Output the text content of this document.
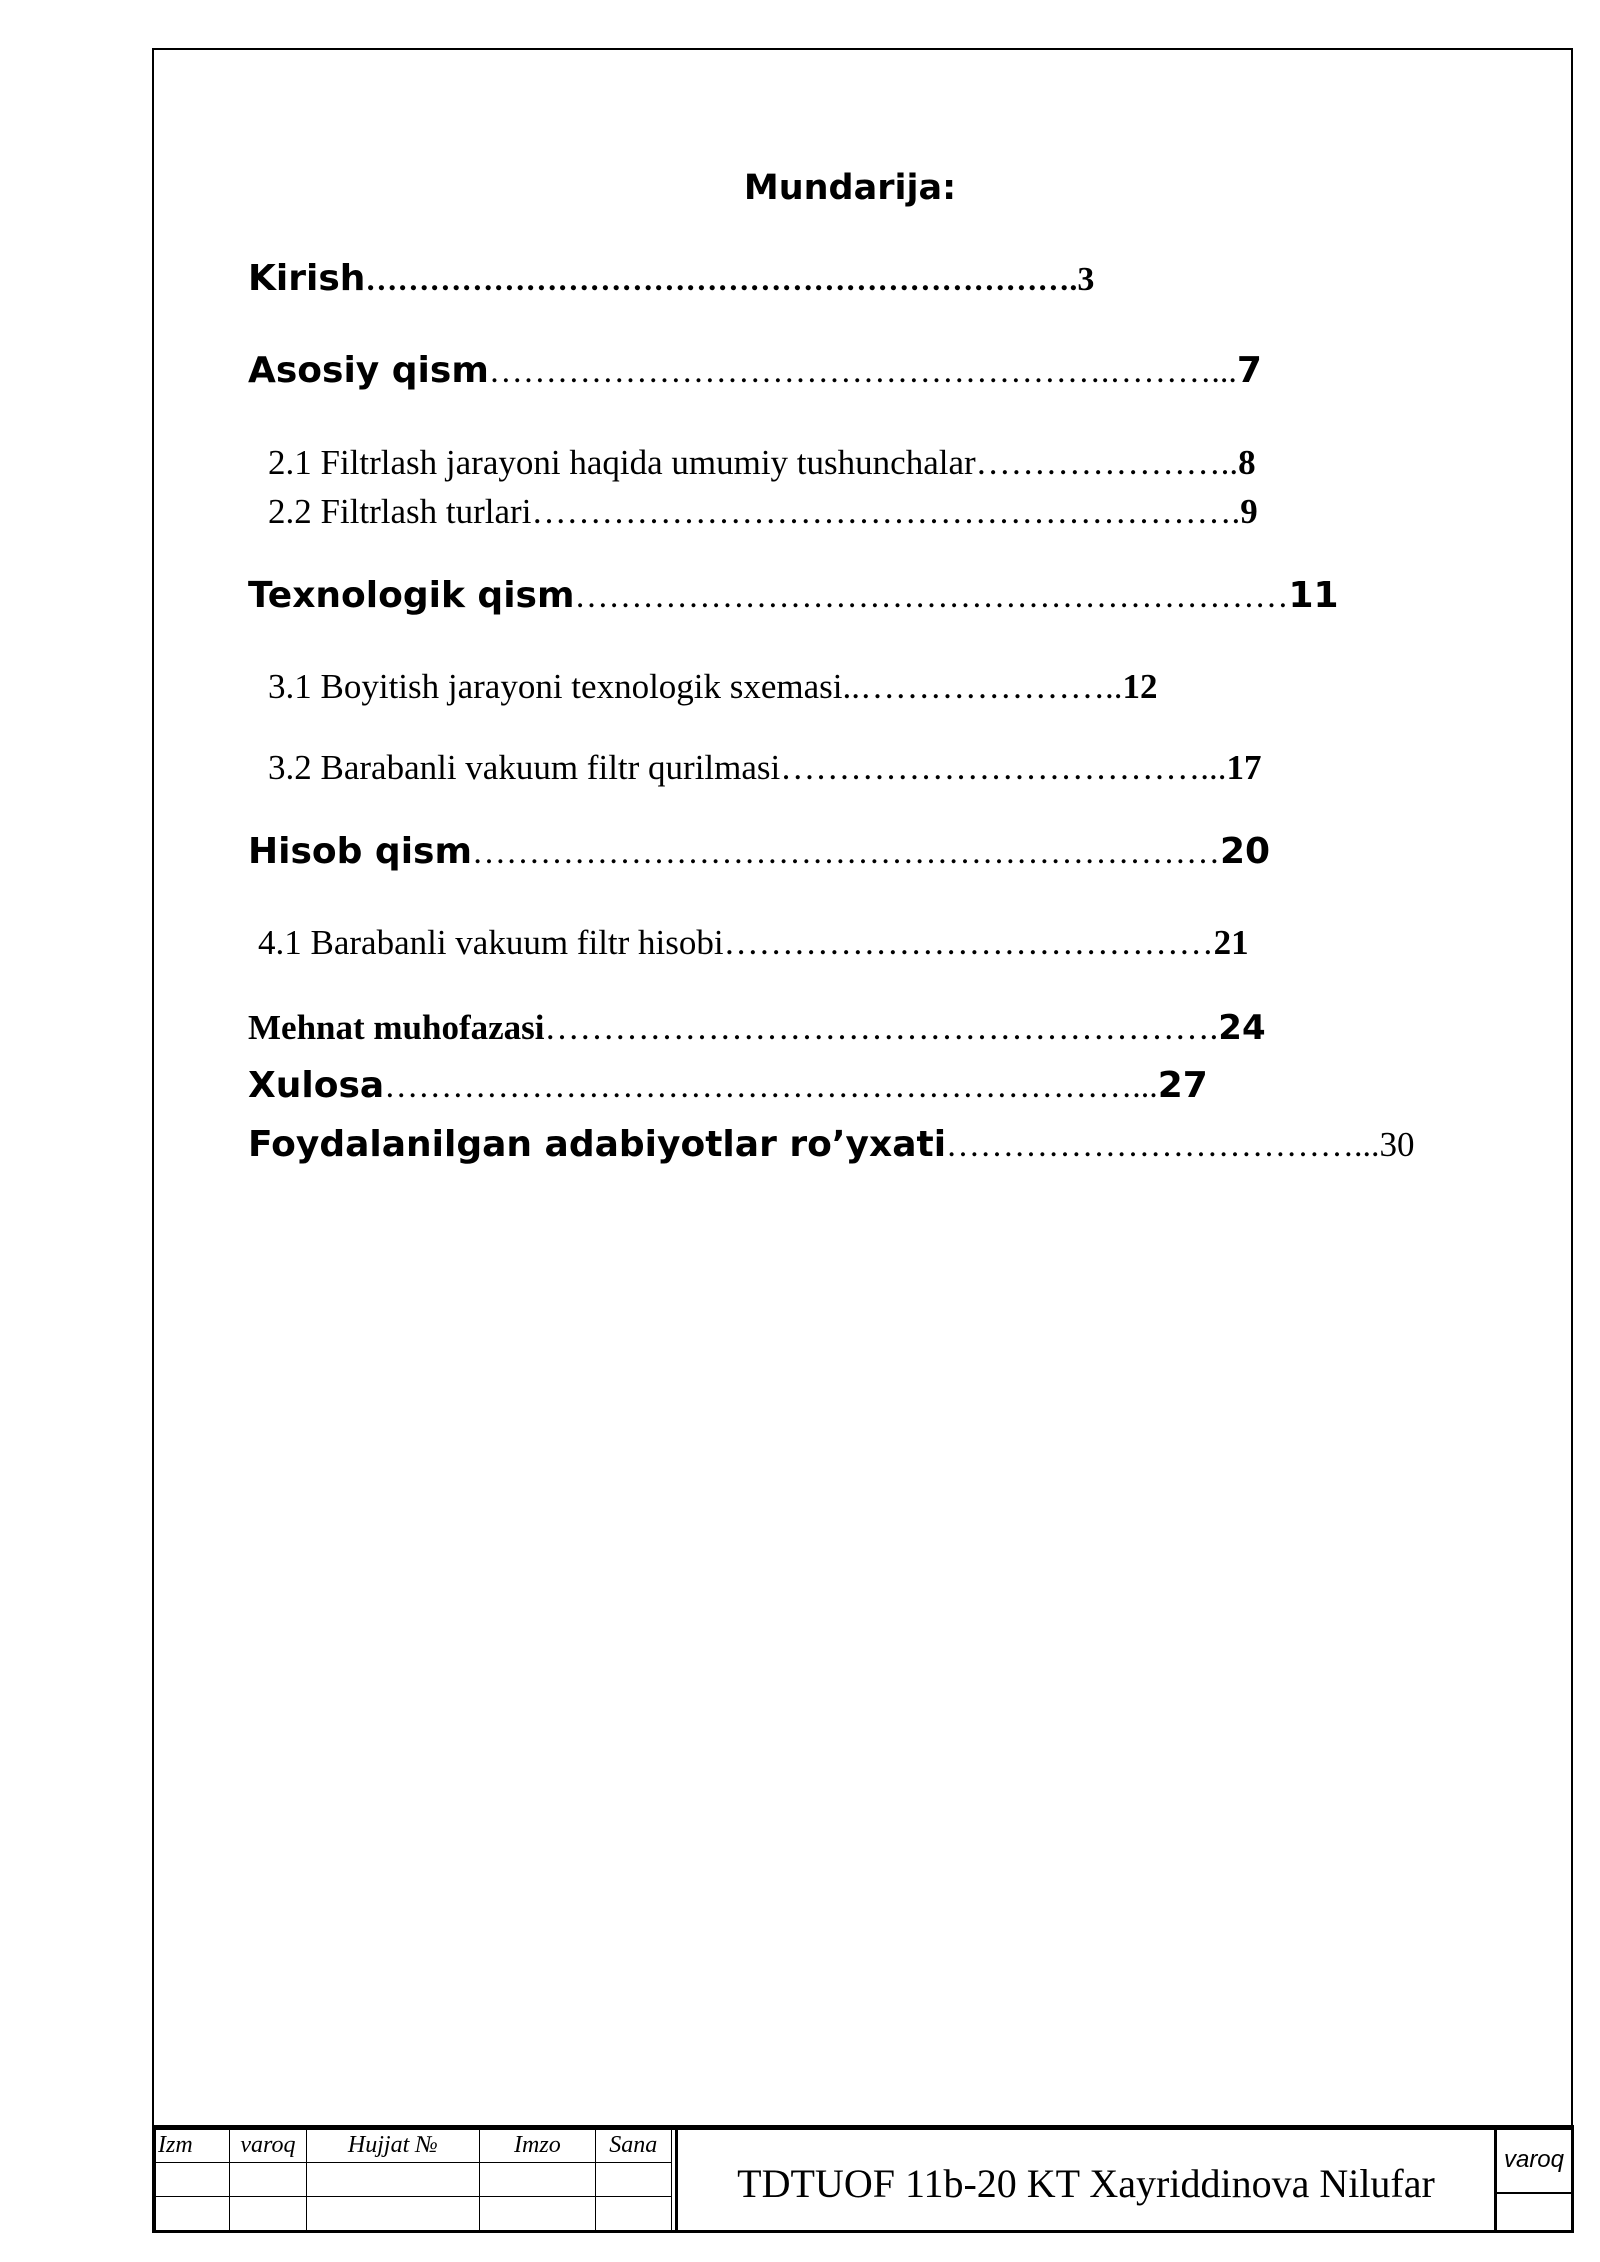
Mundarija:
Kirish………………………………………………………….3
Asosiy qism……………………………………………….………...7
2.1 Filtrlash jarayoni haqida umumiy tushunchalar…………………..8
2.2 Filtrlash turlari…………………………………………………….9
Texnologik qism………………………………………………………11
3.1 Boyitish jarayoni texnologik sxemasi..…………………..12
3.2 Barabanli vakuum filtr qurilmasi………………………………...17
Hisob qism…………………………………………………………20
4.1 Barabanli vakuum filtr hisobi……………………………………21
Mehnat muhofazasi………………………………………………….24
Xulosa…………………………………………………………...27
Foydalanilgan adabiyotlar ro’yxati………………………………...30
Izm	varoq	Hujjat №	Imzo	Sana

TDTUOF 11b-20 KT Xayriddinova Nilufar
varoq
